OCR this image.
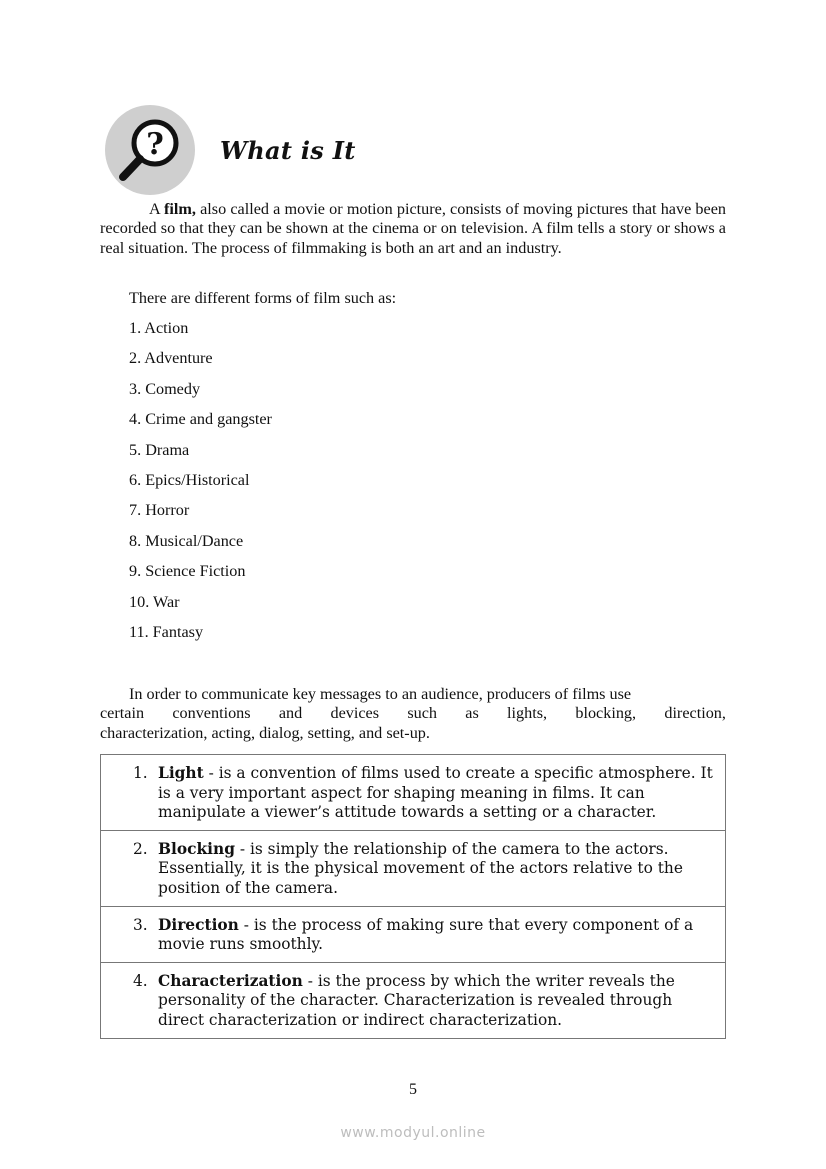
? What is It
A film, also called a movie or motion picture, consists of moving pictures that have been recorded so that they can be shown at the cinema or on television. A film tells a story or shows a real situation. The process of filmmaking is both an art and an industry.
There are different forms of film such as:
1. Action
2. Adventure
3. Comedy
4. Crime and gangster
5. Drama
6. Epics/Historical
7. Horror
8. Musical/Dance
9. Science Fiction
10. War
11. Fantasy
In order to communicate key messages to an audience, producers of films use
certain conventions and devices such as lights, blocking, direction,
characterization, acting, dialog, setting, and set-up.
1. Light - is a convention of films used to create a specific atmosphere. It is a very important aspect for shaping meaning in films. It can manipulate a viewer’s attitude towards a setting or a character.
2. Blocking - is simply the relationship of the camera to the actors. Essentially, it is the physical movement of the actors relative to the position of the camera.
3. Direction - is the process of making sure that every component of a movie runs smoothly.
4. Characterization - is the process by which the writer reveals the personality of the character. Characterization is revealed through direct characterization or indirect characterization.
5
www.modyul.online
